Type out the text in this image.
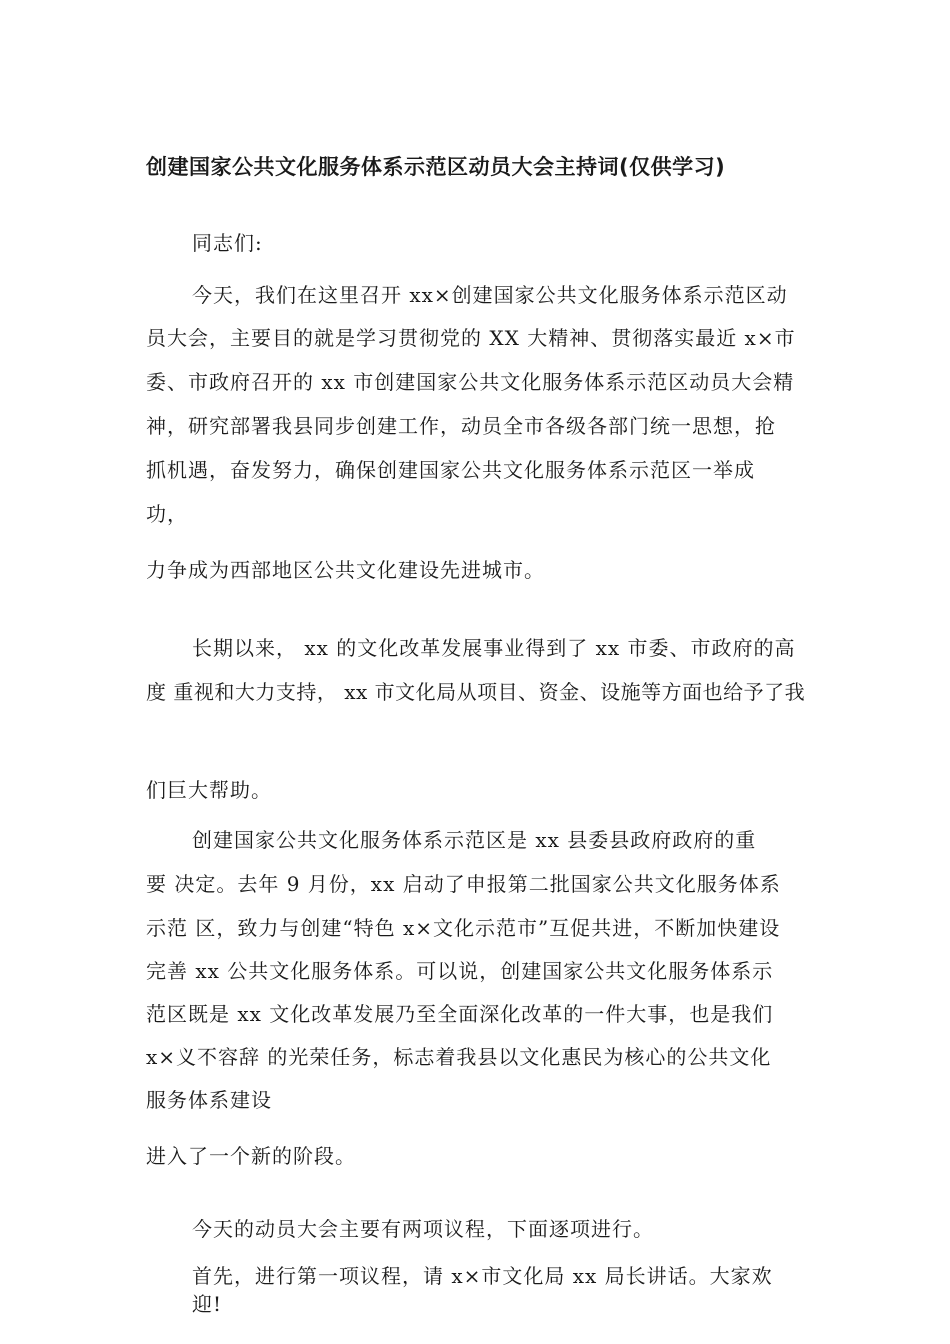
创建国家公共文化服务体系示范区动员大会主持词(仅供学习)
同志们:
今天，我们在这里召开 xx×创建国家公共文化服务体系示范区动
员大会，主要目的就是学习贯彻党的 XX 大精神、贯彻落实最近 x×市
委、市政府召开的 xx 市创建国家公共文化服务体系示范区动员大会精
神，研究部署我县同步创建工作，动员全市各级各部门统一思想，抢
抓机遇，奋发努力，确保创建国家公共文化服务体系示范区一举成
功，
力争成为西部地区公共文化建设先进城市。
长期以来， xx 的文化改革发展事业得到了 xx 市委、市政府的高
度 重视和大力支持， xx 市文化局从项目、资金、设施等方面也给予了我
们巨大帮助。
创建国家公共文化服务体系示范区是 xx 县委县政府政府的重
要 决定。去年 9 月份，xx 启动了申报第二批国家公共文化服务体系
示范 区，致力与创建“特色 x×文化示范市”互促共进，不断加快建设
完善 xx 公共文化服务体系。可以说，创建国家公共文化服务体系示
范区既是 xx 文化改革发展乃至全面深化改革的一件大事，也是我们
x×义不容辞 的光荣任务，标志着我县以文化惠民为核心的公共文化
服务体系建设
进入了一个新的阶段。
今天的动员大会主要有两项议程，下面逐项进行。
首先，进行第一项议程，请 x×市文化局 xx 局长讲话。大家欢
迎!
